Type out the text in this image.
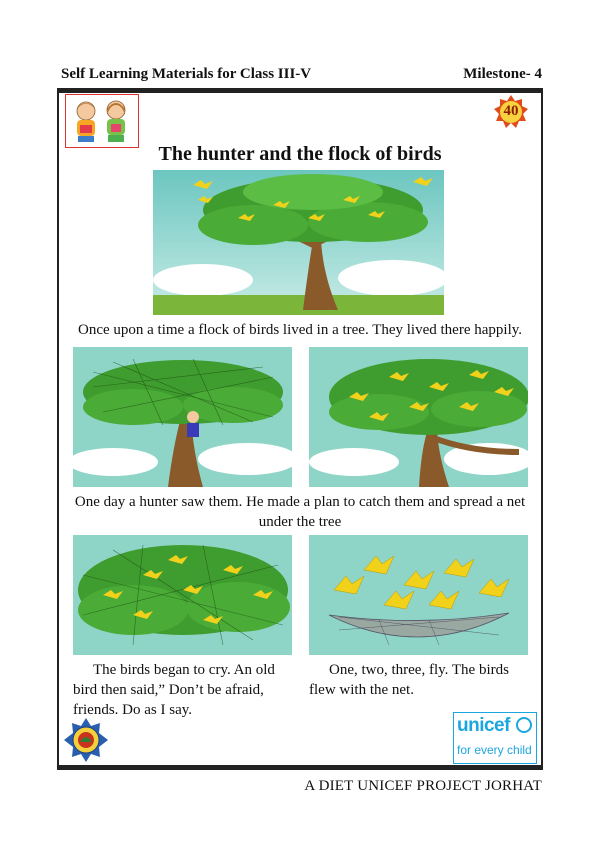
Self Learning Materials for Class III-V	Milestone- 4
40
The hunter and the flock of birds
Once upon a time a flock of birds lived in a tree. They lived there happily.
One day a hunter saw them. He made a plan to catch them and spread a net under the tree
The birds began to cry. An old bird then said,” Don’t be afraid, friends. Do as I say.
One, two, three, fly. The birds flew with the net.
unicef
for every child
A DIET UNICEF PROJECT JORHAT
